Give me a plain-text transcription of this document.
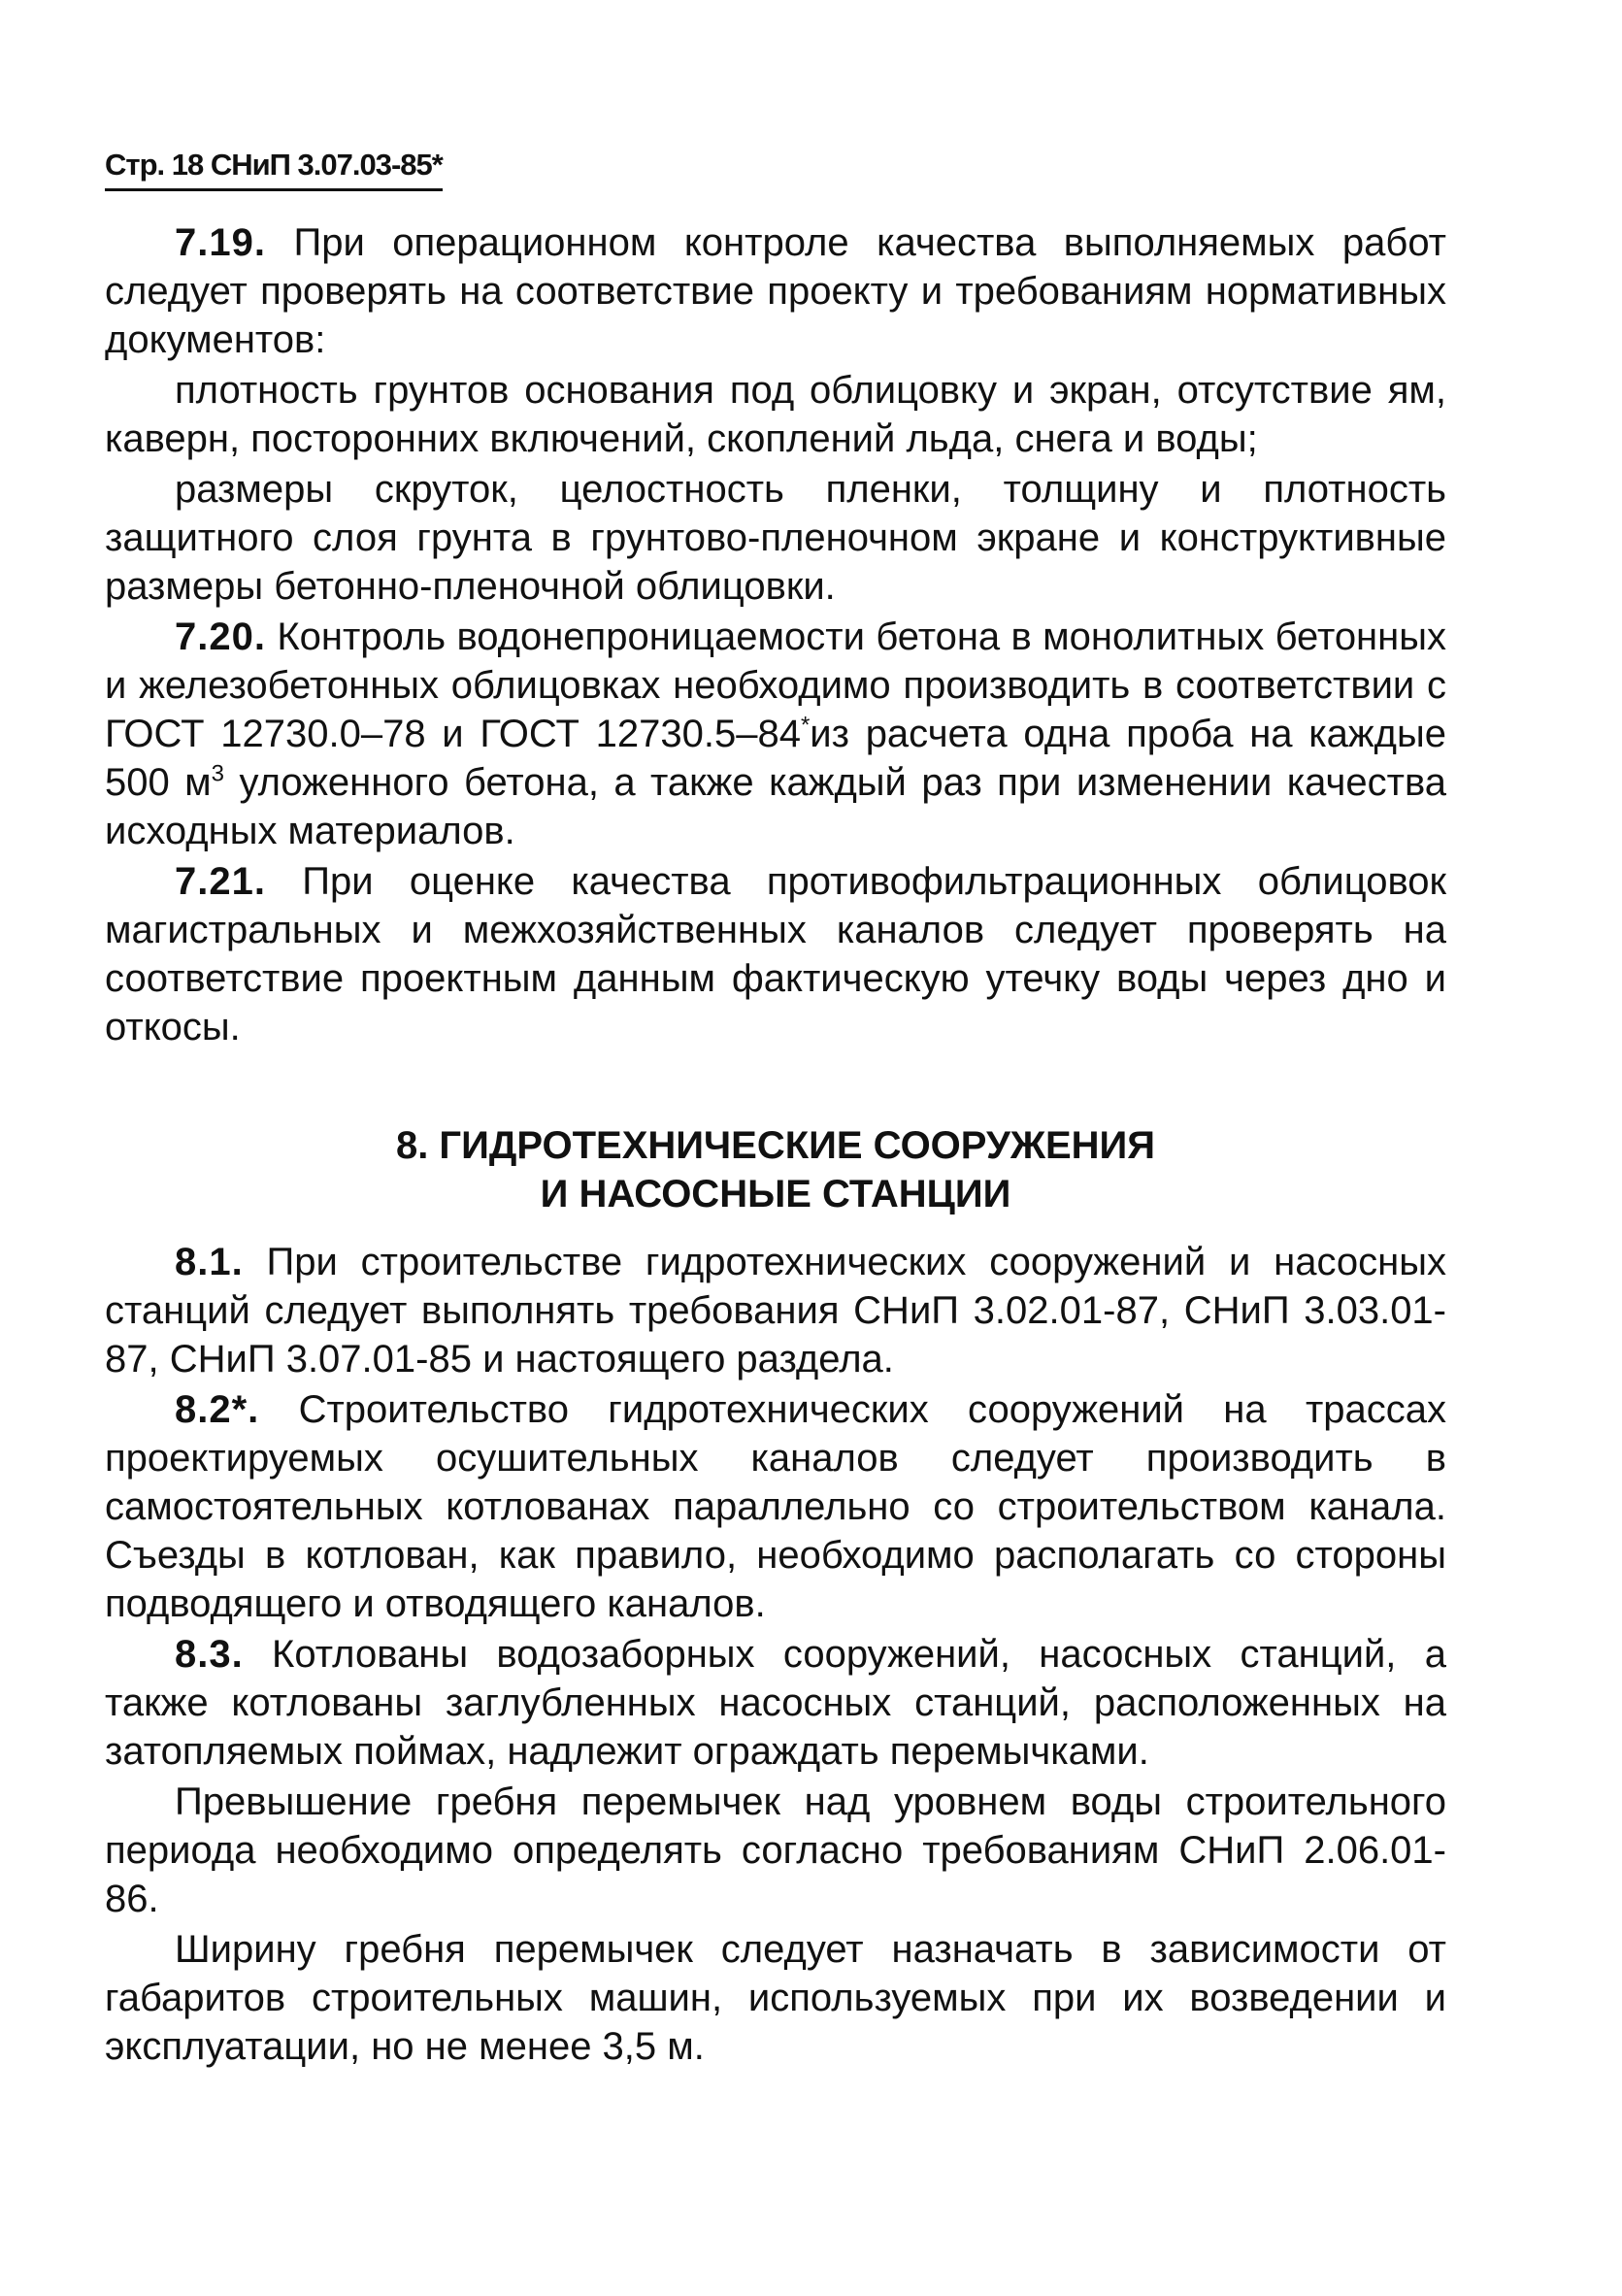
Стр. 18 СНиП 3.07.03-85*

7.19. При операционном контроле качества выполняемых работ следует проверять на соответствие проекту и требованиям нормативных документов:

плотность грунтов основания под облицовку и экран, отсутствие ям, каверн, посторонних включений, скоплений льда, снега и воды;

размеры скруток, целостность пленки, толщину и плотность защитного слоя грунта в грунтово-пленочном экране и конструктивные размеры бетонно-пленочной облицовки.

7.20. Контроль водонепроницаемости бетона в монолитных бетонных и железобетонных облицовках необходимо производить в соответствии с ГОСТ 12730.0–78 и ГОСТ 12730.5–84*из расчета одна проба на каждые 500 $м^3$ уложенного бетона, а также каждый раз при изменении качества исходных материалов.

7.21. При оценке качества противофильтрационных облицовок магистральных и межхозяйственных каналов следует проверять на соответствие проектным данным фактическую утечку воды через дно и откосы.

8. ГИДРОТЕХНИЧЕСКИЕ СООРУЖЕНИЯ
И НАСОСНЫЕ СТАНЦИИ

8.1. При строительстве гидротехнических сооружений и насосных станций следует выполнять требования СНиП 3.02.01-87, СНиП 3.03.01-87, СНиП 3.07.01-85 и настоящего раздела.

8.2*. Строительство гидротехнических сооружений на трассах проектируемых осушительных каналов следует производить в самостоятельных котлованах параллельно со строительством канала. Съезды в котлован, как правило, необходимо располагать со стороны подводящего и отводящего каналов.

8.3. Котлованы водозаборных сооружений, насосных станций, а также котлованы заглубленных насосных станций, расположенных на затопляемых поймах, надлежит ограждать перемычками.

Превышение гребня перемычек над уровнем воды строительного периода необходимо определять согласно требованиям СНиП 2.06.01-86.

Ширину гребня перемычек следует назначать в зависимости от габаритов строительных машин, используемых при их возведении и эксплуатации, но не менее 3,5 м.
